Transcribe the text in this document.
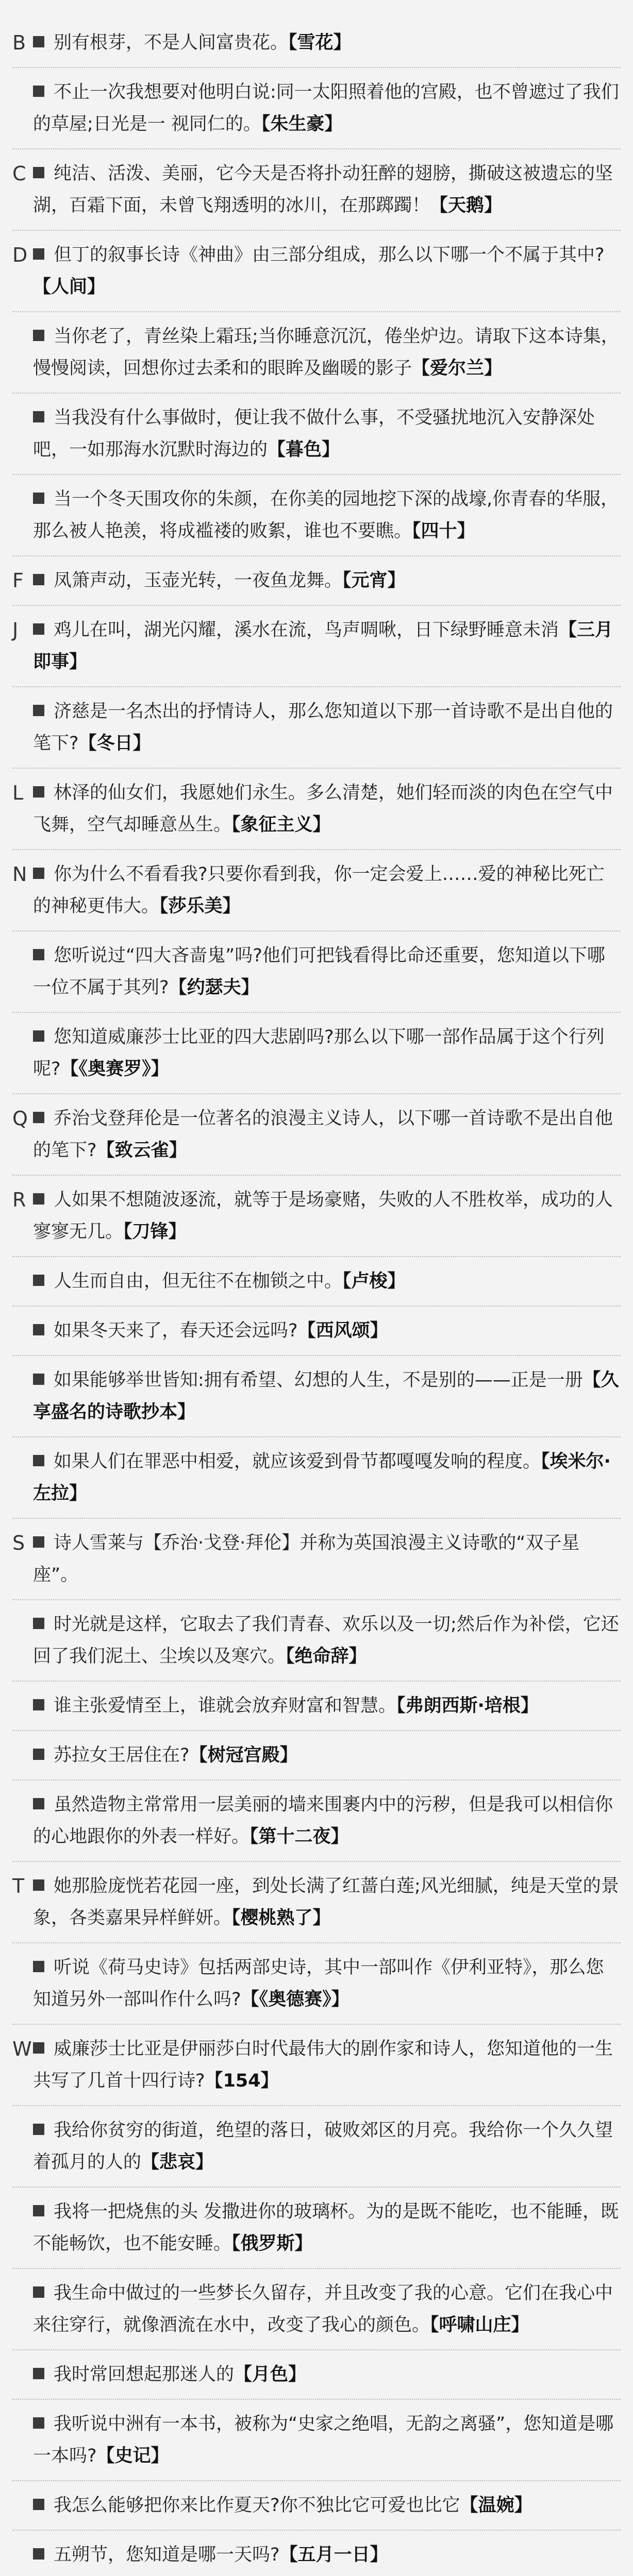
B	别有根芽，不是人间富贵花。【雪花】
不止一次我想要对他明白说:同一太阳照着他的宫殿，也不曾遮过了我们的草屋;日光是一 视同仁的。【朱生豪】
C	纯洁、活泼、美丽，它今天是否将扑动狂醉的翅膀，撕破这被遗忘的坚湖，百霜下面，未曾飞翔透明的冰川，在那踯躅！【天鹅】
D	但丁的叙事长诗《神曲》由三部分组成，那么以下哪一个不属于其中?【人间】
当你老了，青丝染上霜珏;当你睡意沉沉，倦坐炉边。请取下这本诗集，慢慢阅读，回想你过去柔和的眼眸及幽暖的影子【爱尔兰】
当我没有什么事做时，便让我不做什么事，不受骚扰地沉入安静深处吧，一如那海水沉默时海边的【暮色】
当一个冬天围攻你的朱颜，在你美的园地挖下深的战壕,你青春的华服，那么被人艳羡，将成褴褛的败絮，谁也不要瞧。【四十】
F	凤箫声动，玉壶光转，一夜鱼龙舞。【元宵】
J	鸡儿在叫，湖光闪耀，溪水在流，鸟声啁啾，日下绿野睡意未消【三月即事】
济慈是一名杰出的抒情诗人，那么您知道以下那一首诗歌不是出自他的笔下?【冬日】
L	林泽的仙女们，我愿她们永生。多么清楚，她们轻而淡的肉色在空气中飞舞，空气却睡意丛生。【象征主义】
N	你为什么不看看我?只要你看到我，你一定会爱上……爱的神秘比死亡的神秘更伟大。【莎乐美】
您听说过“四大吝啬鬼”吗?他们可把钱看得比命还重要，您知道以下哪一位不属于其列?【约瑟夫】
您知道威廉莎士比亚的四大悲剧吗?那么以下哪一部作品属于这个行列呢?【《奥赛罗》】
Q	乔治戈登拜伦是一位著名的浪漫主义诗人，以下哪一首诗歌不是出自他的笔下?【致云雀】
R	人如果不想随波逐流，就等于是场豪赌，失败的人不胜枚举，成功的人寥寥无几。【刀锋】
人生而自由，但无往不在枷锁之中。【卢梭】
如果冬天来了，春天还会远吗?【西风颂】
如果能够举世皆知:拥有希望、幻想的人生，不是别的——正是一册【久享盛名的诗歌抄本】
如果人们在罪恶中相爱，就应该爱到骨节都嘎嘎发响的程度。【埃米尔·左拉】
S	诗人雪莱与【乔治·戈登·拜伦】并称为英国浪漫主义诗歌的“双子星座”。
时光就是这样，它取去了我们青春、欢乐以及一切;然后作为补偿，它还回了我们泥土、尘埃以及寒穴。【绝命辞】
谁主张爱情至上，谁就会放弃财富和智慧。【弗朗西斯·培根】
苏拉女王居住在?【树冠宫殿】
虽然造物主常常用一层美丽的墙来围裹内中的污秽，但是我可以相信你的心地跟你的外表一样好。【第十二夜】
T	她那脸庞恍若花园一座，到处长满了红蔷白莲;风光细腻，纯是天堂的景象，各类嘉果异样鲜妍。【樱桃熟了】
听说《荷马史诗》包括两部史诗，其中一部叫作《伊利亚特》，那么您知道另外一部叫作什么吗?【《奥德赛》】
W	威廉莎士比亚是伊丽莎白时代最伟大的剧作家和诗人，您知道他的一生共写了几首十四行诗?【154】
我给你贫穷的街道，绝望的落日，破败郊区的月亮。我给你一个久久望着孤月的人的【悲哀】
我将一把烧焦的头 发撒进你的玻璃杯。为的是既不能吃，也不能睡，既不能畅饮，也不能安睡。【俄罗斯】
我生命中做过的一些梦长久留存，并且改变了我的心意。它们在我心中来往穿行，就像酒流在水中，改变了我心的颜色。【呼啸山庄】
我时常回想起那迷人的【月色】
我听说中洲有一本书，被称为“史家之绝唱，无韵之离骚”，您知道是哪一本吗?【史记】
我怎么能够把你来比作夏天?你不独比它可爱也比它【温婉】
五朔节，您知道是哪一天吗?【五月一日】
